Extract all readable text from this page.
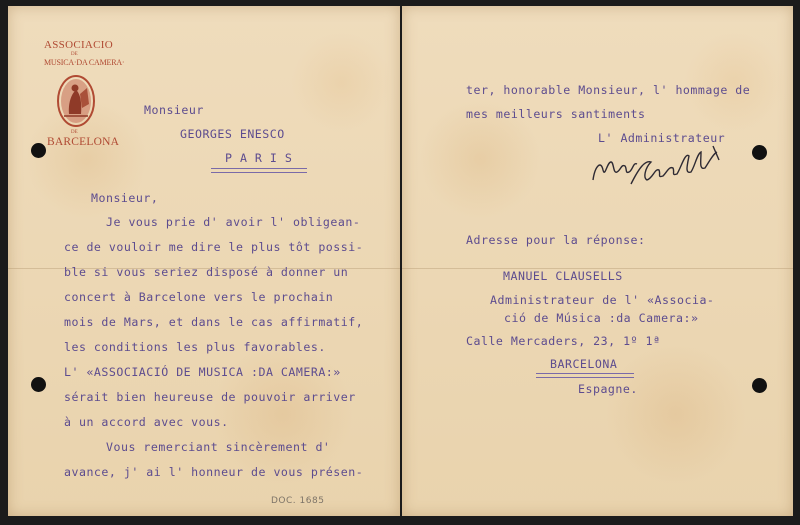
ASSOCIACIO
DE
MUSICA·DA CAMERA·
DE
BARCELONA
Monsieur
GEORGES ENESCO
P A R I S
Monsieur,
Je vous prie d' avoir l' obligean-
ce de vouloir me dire le plus tôt possi-
ble si vous seriez disposé à donner un
concert à Barcelone vers le prochain
mois de Mars, et dans le cas affirmatif,
les conditions les plus favorables.
L' «ASSOCIACIÓ DE MUSICA :DA CAMERA:»
sérait bien heureuse de pouvoir arriver
à un accord avec vous.
Vous remerciant sincèrement d'
avance, j' ai l' honneur de vous présen-
DOC. 1685
ter, honorable Monsieur, l' hommage de
mes meilleurs santiments
L' Administrateur
Adresse pour la réponse:
MANUEL CLAUSELLS
Administrateur de l' «Associa-
ció de Música :da Camera:»
Calle Mercaders, 23, 1º 1ª
BARCELONA
Espagne.
